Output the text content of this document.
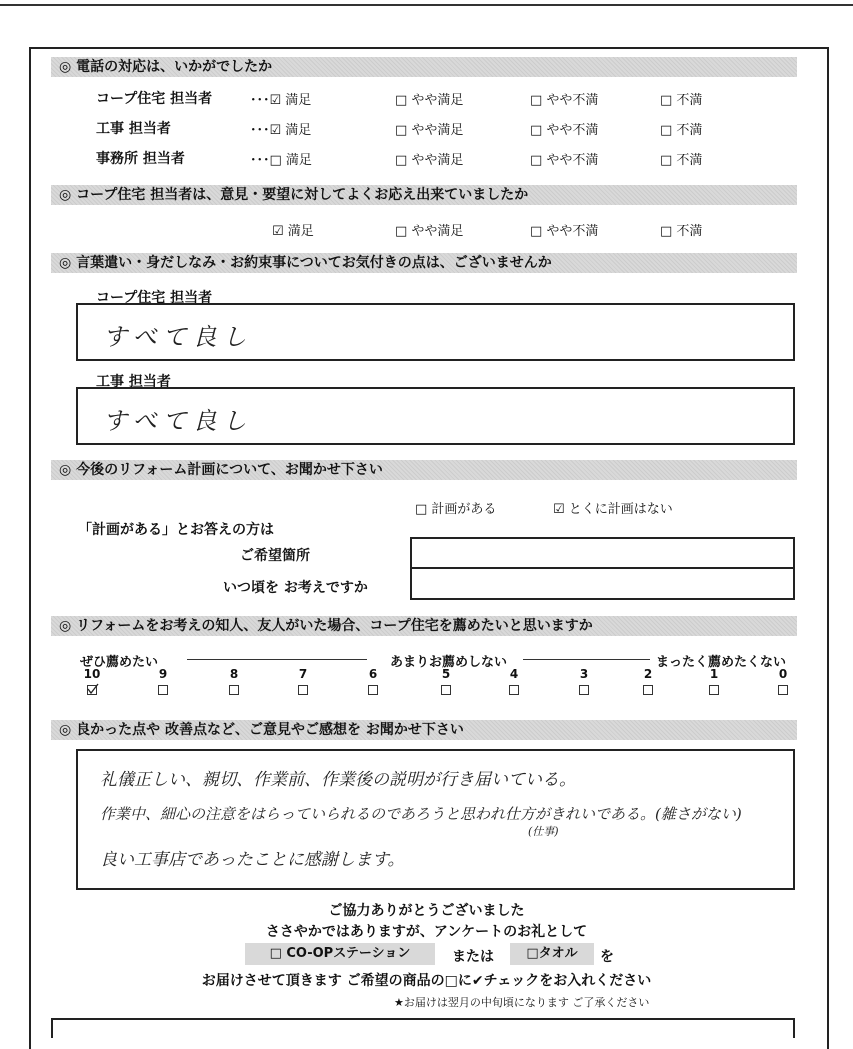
◎ 電話の対応は、いかがでしたか
コープ住宅 担当者	･･･☑ 満足	□ やや満足	□ やや不満	□ 不満
工事 担当者	･･･☑ 満足	□ やや満足	□ やや不満	□ 不満
事務所 担当者	･･･□ 満足	□ やや満足	□ やや不満	□ 不満
◎ コープ住宅 担当者は、意見・要望に対してよくお応え出来ていましたか
☑ 満足	□ やや満足	□ やや不満	□ 不満
◎ 言葉遣い・身だしなみ・お約束事についてお気付きの点は、ございませんか
コープ住宅 担当者
すべて良し
工事 担当者
すべて良し
◎ 今後のリフォーム計画について、お聞かせ下さい
□ 計画がある	☑ とくに計画はない
「計画がある」とお答えの方は
ご希望箇所
いつ頃を お考えですか
◎ リフォームをお考えの知人、友人がいた場合、コープ住宅を薦めたいと思いますか
ぜひ薦めたい	あまりお薦めしない	まったく薦めたくない
10	9	8	7	6	5	4	3	2	1	0
◎ 良かった点や 改善点など、ご意見やご感想を お聞かせ下さい
礼儀正しい、親切、作業前、作業後の説明が行き届いている。
作業中、細心の注意をはらっていられるのであろうと思われ仕方がきれいである。(雑さがない)
(仕事)
良い工事店であったことに感謝します。
ご協力ありがとうございました
ささやかではありますが、アンケートのお礼として
□ CO-OPステーション	または	□タオル	を
お届けさせて頂きます ご希望の商品の□に✔チェックをお入れください
★お届けは翌月の中旬頃になります ご了承ください
